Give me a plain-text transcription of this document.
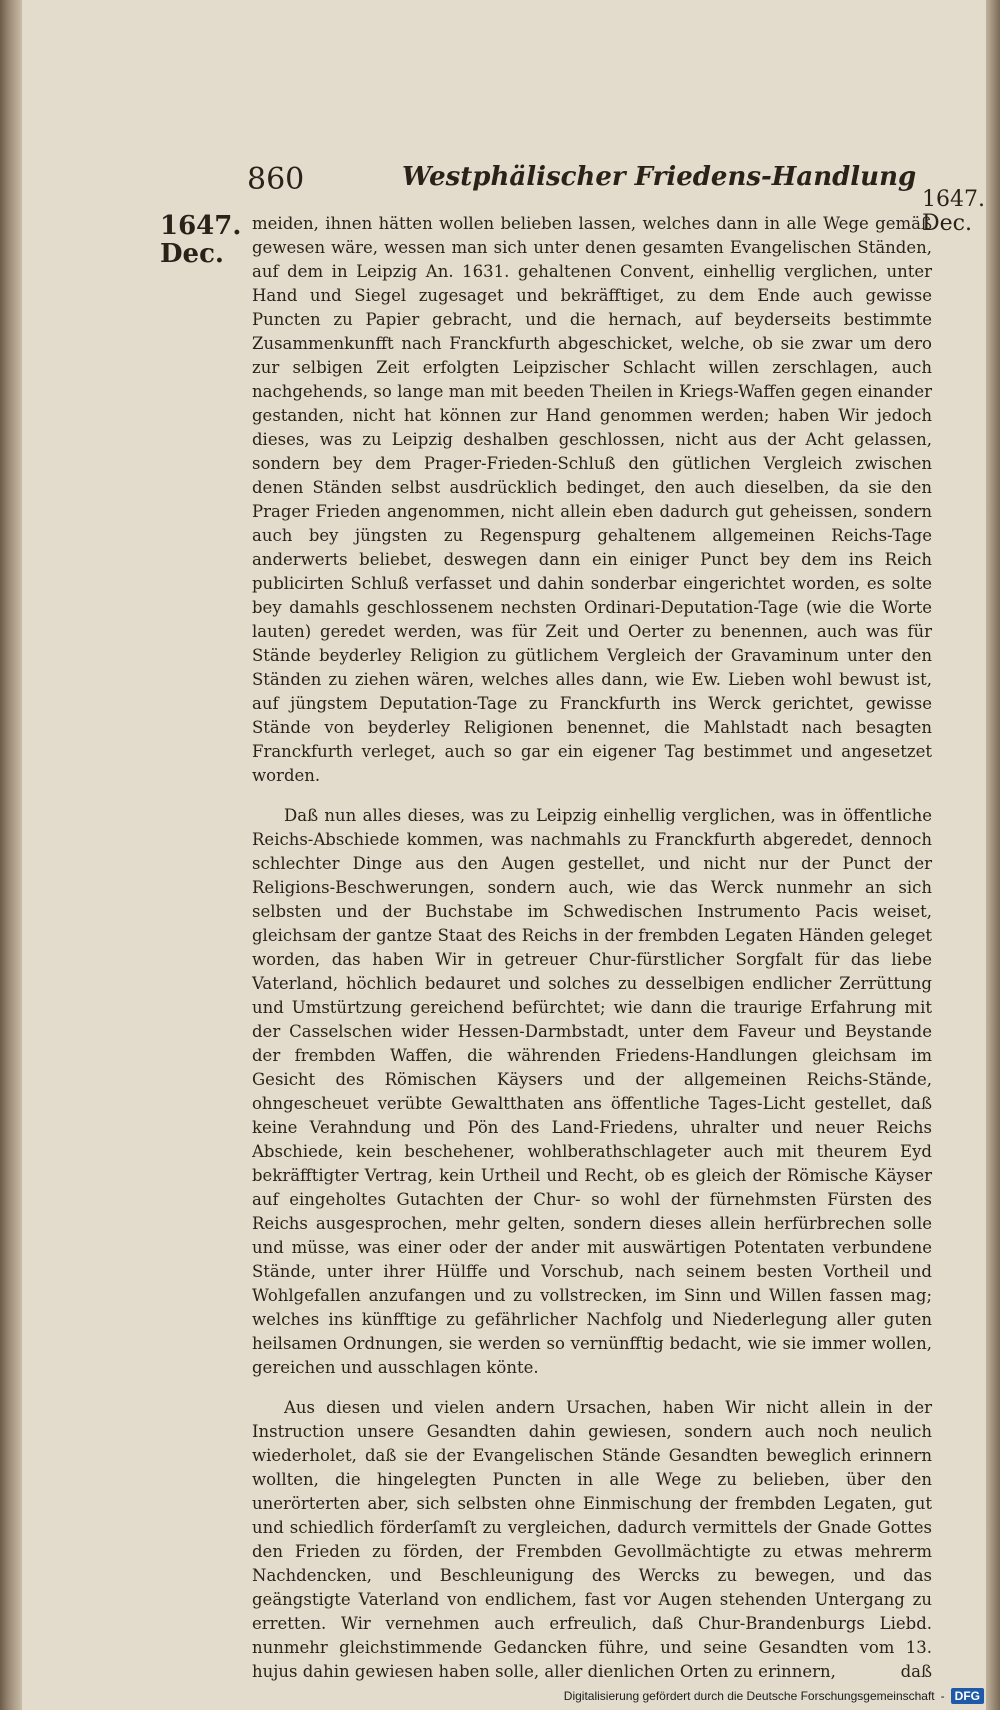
860	Westphälischer Friedens-Handlung
1647.
Dec.
1647.
Dec.

meiden, ihnen hätten wollen belieben lassen, welches dann in alle Wege gemäß gewesen wäre, wessen man sich unter denen gesamten Evangelischen Ständen, auf dem in Leipzig An. 1631. gehaltenen Convent, einhellig verglichen, unter Hand und Siegel zugesaget und bekräfftiget, zu dem Ende auch gewisse Puncten zu Papier gebracht, und die hernach, auf beyderseits bestimmte Zusammenkunfft nach Franckfurth abgeschicket, welche, ob sie zwar um dero zur selbigen Zeit erfolgten Leipzischer Schlacht willen zerschlagen, auch nachgehends, so lange man mit beeden Theilen in Kriegs-Waffen gegen einander gestanden, nicht hat können zur Hand genommen werden; haben Wir jedoch dieses, was zu Leipzig deshalben geschlossen, nicht aus der Acht gelassen, sondern bey dem Prager-Frieden-Schluß den gütlichen Vergleich zwischen denen Ständen selbst ausdrücklich bedinget, den auch dieselben, da sie den Prager Frieden angenommen, nicht allein eben dadurch gut geheissen, sondern auch bey jüngsten zu Regenspurg gehaltenem allgemeinen Reichs-Tage anderwerts beliebet, deswegen dann ein einiger Punct bey dem ins Reich publicirten Schluß verfasset und dahin sonderbar eingerichtet worden, es solte bey damahls geschlossenem nechsten Ordinari-Deputation-Tage (wie die Worte lauten) geredet werden, was für Zeit und Oerter zu benennen, auch was für Stände beyderley Religion zu gütlichem Vergleich der Gravaminum unter den Ständen zu ziehen wären, welches alles dann, wie Ew. Lieben wohl bewust ist, auf jüngstem Deputation-Tage zu Franckfurth ins Werck gerichtet, gewisse Stände von beyderley Religionen benennet, die Mahlstadt nach besagten Franckfurth verleget, auch so gar ein eigener Tag bestimmet und angesetzet worden.

Daß nun alles dieses, was zu Leipzig einhellig verglichen, was in öffentliche Reichs-Abschiede kommen, was nachmahls zu Franckfurth abgeredet, dennoch schlechter Dinge aus den Augen gestellet, und nicht nur der Punct der Religions-Beschwerungen, sondern auch, wie das Werck nunmehr an sich selbsten und der Buchstabe im Schwedischen Instrumento Pacis weiset, gleichsam der gantze Staat des Reichs in der frembden Legaten Händen geleget worden, das haben Wir in getreuer Chur-fürstlicher Sorgfalt für das liebe Vaterland, höchlich bedauret und solches zu desselbigen endlicher Zerrüttung und Umstürtzung gereichend befürchtet; wie dann die traurige Erfahrung mit der Casselschen wider Hessen-Darmbstadt, unter dem Faveur und Beystande der frembden Waffen, die währenden Friedens-Handlungen gleichsam im Gesicht des Römischen Käysers und der allgemeinen Reichs-Stände, ohngescheuet verübte Gewaltthaten ans öffentliche Tages-Licht gestellet, daß keine Verahndung und Pön des Land-Friedens, uhralter und neuer Reichs Abschiede, kein beschehener, wohlberathschlageter auch mit theurem Eyd bekräfftigter Vertrag, kein Urtheil und Recht, ob es gleich der Römische Käyser auf eingeholtes Gutachten der Chur- so wohl der fürnehmsten Fürsten des Reichs ausgesprochen, mehr gelten, sondern dieses allein herfürbrechen solle und müsse, was einer oder der ander mit auswärtigen Potentaten verbundene Stände, unter ihrer Hülffe und Vorschub, nach seinem besten Vortheil und Wohlgefallen anzufangen und zu vollstrecken, im Sinn und Willen fassen mag; welches ins künfftige zu gefährlicher Nachfolg und Niederlegung aller guten heilsamen Ordnungen, sie werden so vernünfftig bedacht, wie sie immer wollen, gereichen und ausschlagen könte.

Aus diesen und vielen andern Ursachen, haben Wir nicht allein in der Instruction unsere Gesandten dahin gewiesen, sondern auch noch neulich wiederholet, daß sie der Evangelischen Stände Gesandten beweglich erinnern wollten, die hingelegten Puncten in alle Wege zu belieben, über den unerörterten aber, sich selbsten ohne Einmischung der frembden Legaten, gut und schiedlich förderſamſt zu vergleichen, dadurch vermittels der Gnade Gottes den Frieden zu förden, der Frembden Gevollmächtigte zu etwas mehrerm Nachdencken, und Beschleunigung des Wercks zu bewegen, und das geängstigte Vaterland von endlichem, fast vor Augen stehenden Untergang zu erretten. Wir vernehmen auch erfreulich, daß Chur-Brandenburgs Liebd. nunmehr gleichstimmende Gedancken führe, und seine Gesandten vom 13. hujus dahin gewiesen haben solle, aller dienlichen Orten zu erinnern,	daß

Digitalisierung gefördert durch die Deutsche Forschungsgemeinschaft - DFG
